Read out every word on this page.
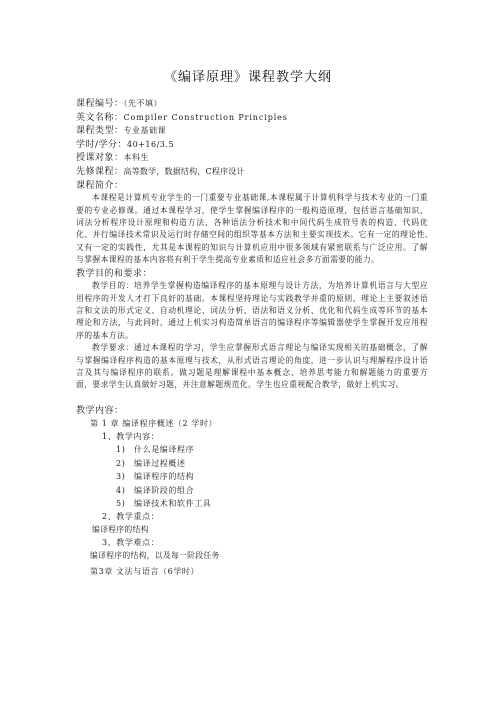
《编译原理》课程教学大纲
课程编号：（先不填）
英文名称：Compiler Construction Principles
课程类型：专业基础课
学时/学分：40+16/3.5
授课对象：本科生
先修课程：高等数学，数据结构，C程序设计
课程简介：
本课程是计算机专业学生的一门重要专业基础课,本课程属于计算机科学与技术专业的一门重要的专业必修课。通过本课程学习，使学生掌握编译程序的一般构造原理，包括语言基础知识、词法分析程序设计原理和构造方法、各种语法分析技术和中间代码生成符号表的构造、代码优化、并行编译技术常识及运行时存储空间的组织等基本方法和主要实现技术。它有一定的理论性,又有一定的实践性，尤其是本课程的知识与计算机应用中很多领域有紧密联系与广泛应用。了解与掌握本课程的基本内容将有利于学生提高专业素质和适应社会多方面需要的能力。
教学目的和要求：
教学目的：培养学生掌握构造编译程序的基本原理与设计方法，为培养计算机语言与大型应用程序的开发人才打下良好的基础。本课程坚持理论与实践教学并重的原则，理论上主要叙述语言和文法的形式定义、自动机理论、词法分析、语法和语义分析、优化和代码生成等环节的基本理论和方法，与此同时，通过上机实习构造简单语言的编译程序等编辑器使学生掌握开发应用程序的基本方法。
教学要求：通过本课程的学习，学生应掌握形式语言理论与编译实现相关的基础概念，了解与掌握编译程序构造的基本原理与技术，从形式语言理论的角度，进一步认识与理解程序设计语言及其与编译程序的联系。做习题是理解课程中基本概念、培养思考能力和解题能力的重要方面，要求学生认真做好习题，并注意解题规范化。学生也应重视配合教学，做好上机实习。
教学内容：
第 1 章 编译程序概述（2 学时）
1、教学内容：
1) 什么是编译程序
2) 编译过程概述
3) 编译程序的结构
4) 编译阶段的组合
5) 编译技术和软件工具
2、教学重点：
编译程序的结构
3、教学难点：
编译程序的结构，以及每一阶段任务
第3章 文法与语言（6学时）
